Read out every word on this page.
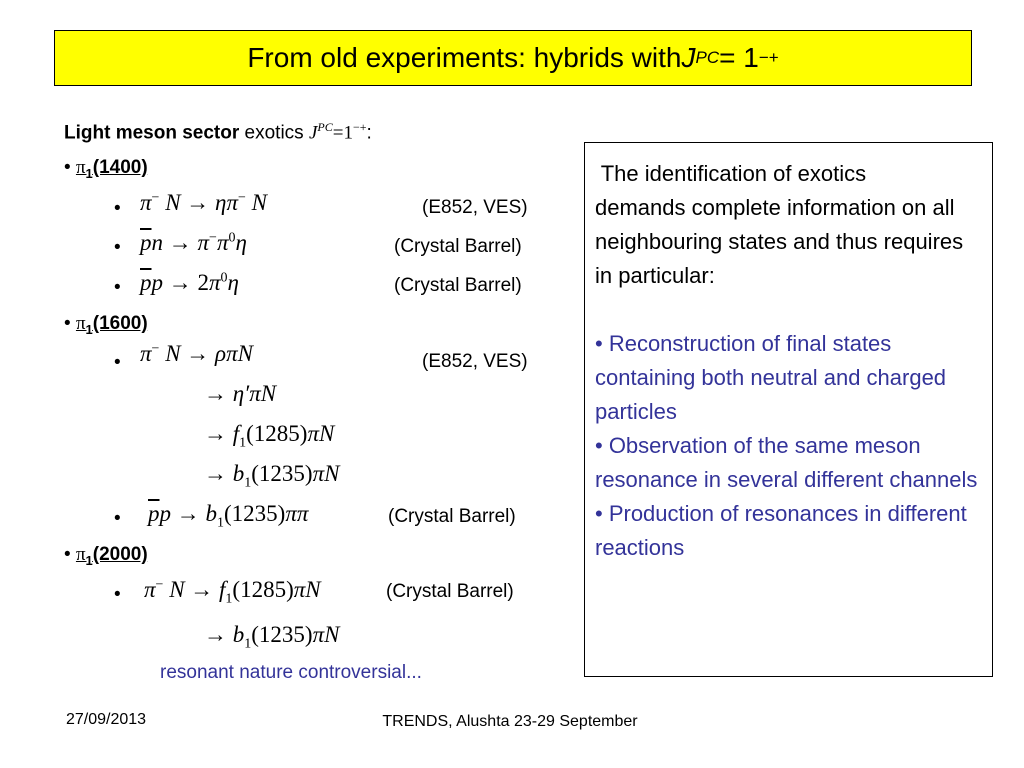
From old experiments: hybrids with J PC = 1 −+
Light meson sector exotics $J^{PC}=1^{-+}$:
• $\pi_1(1400)$
• π− N → ηπ− N	(E852, VES)
• $\overline{p}n \to \pi^-\pi^0\eta$	(Crystal Barrel)
• $\overline{p}p \to 2\pi^0\eta$	(Crystal Barrel)
• $\pi_1(1600)$
• π− N → ρπN	(E852, VES)
→ η′πN
→ $f_1(1285)\pi N$
→ $b_1(1235)\pi N$
• $\overline{p}p \to b_1(1235)\pi\pi$	(Crystal Barrel)
• $\pi_1(2000)$
• π− $N \to f_1(1285)\pi N$	(Crystal Barrel)
→ $b_1(1235)\pi N$
resonant nature controversial...

The identification of exotics

demands complete information on all neighbouring states and thus requires in particular:

• Reconstruction of final states containing both neutral and charged particles

• Observation of the same meson resonance in several different channels

• Production of resonances in different reactions

27/09/2013	TRENDS, Alushta 23-29 September
